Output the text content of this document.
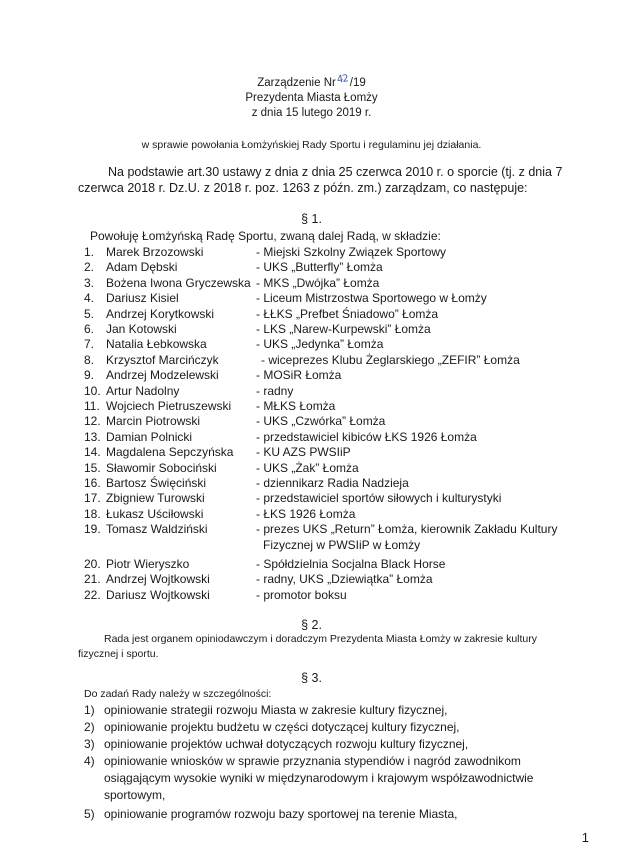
Zarządzenie Nr 42/19
Prezydenta Miasta Łomży
z dnia 15 lutego 2019 r.
w sprawie powołania Łomżyńskiej Rady Sportu i regulaminu jej działania.
Na podstawie art.30 ustawy z dnia z dnia 25 czerwca 2010 r. o sporcie (tj. z dnia 7
czerwca 2018 r. Dz.U. z 2018 r. poz. 1263 z późn. zm.) zarządzam, co następuje:
§ 1.
Powołuję Łomżyńską Radę Sportu, zwaną dalej Radą, w składzie:
1. Marek Brzozowski	- Miejski Szkolny Związek Sportowy
2. Adam Dębski	- UKS „Butterfly” Łomża
3. Bożena Iwona Gryczewska - MKS „Dwójka” Łomża
4. Dariusz Kisiel	- Liceum Mistrzostwa Sportowego w Łomży
5. Andrzej Korytkowski	- ŁŁKS „Prefbet Śniadowo” Łomża
6. Jan Kotowski	- LKS „Narew-Kurpewski” Łomża
7. Natalia Łebkowska	- UKS „Jedynka” Łomża
8. Krzysztof Marcińczyk	- wiceprezes Klubu Żeglarskiego „ZEFIR” Łomża
9. Andrzej Modzelewski	- MOSiR Łomża
10. Artur Nadolny	- radny
11. Wojciech Pietruszewski - MŁKS Łomża
12. Marcin Piotrowski	- UKS „Czwórka” Łomża
13. Damian Polnicki	- przedstawiciel kibiców ŁKS 1926 Łomża
14. Magdalena Sepczyńska - KU AZS PWSIiP
15. Sławomir Sobociński	- UKS „Żak” Łomża
16. Bartosz Święciński	- dziennikarz Radia Nadzieja
17. Zbigniew Turowski	- przedstawiciel sportów siłowych i kulturystyki
18. Łukasz Uściłowski	- ŁKS 1926 Łomża
19. Tomasz Waldziński	- prezes UKS „Return” Łomża, kierownik Zakładu Kultury
Fizycznej w PWSIiP w Łomży
20. Piotr Wieryszko	- Spółdzielnia Socjalna Black Horse
21. Andrzej Wojtkowski	- radny, UKS „Dziewiątka” Łomża
22. Dariusz Wojtkowski	- promotor boksu
§ 2.
Rada jest organem opiniodawczym i doradczym Prezydenta Miasta Łomży w zakresie kultury
fizycznej i sportu.
§ 3.
Do zadań Rady należy w szczególności:
1) opiniowanie strategii rozwoju Miasta w zakresie kultury fizycznej,
2) opiniowanie projektu budżetu w części dotyczącej kultury fizycznej,
3) opiniowanie projektów uchwał dotyczących rozwoju kultury fizycznej,
4) opiniowanie wniosków w sprawie przyznania stypendiów i nagród zawodnikom
osiągającym wysokie wyniki w międzynarodowym i krajowym współzawodnictwie
sportowym,
5) opiniowanie programów rozwoju bazy sportowej na terenie Miasta,
1
